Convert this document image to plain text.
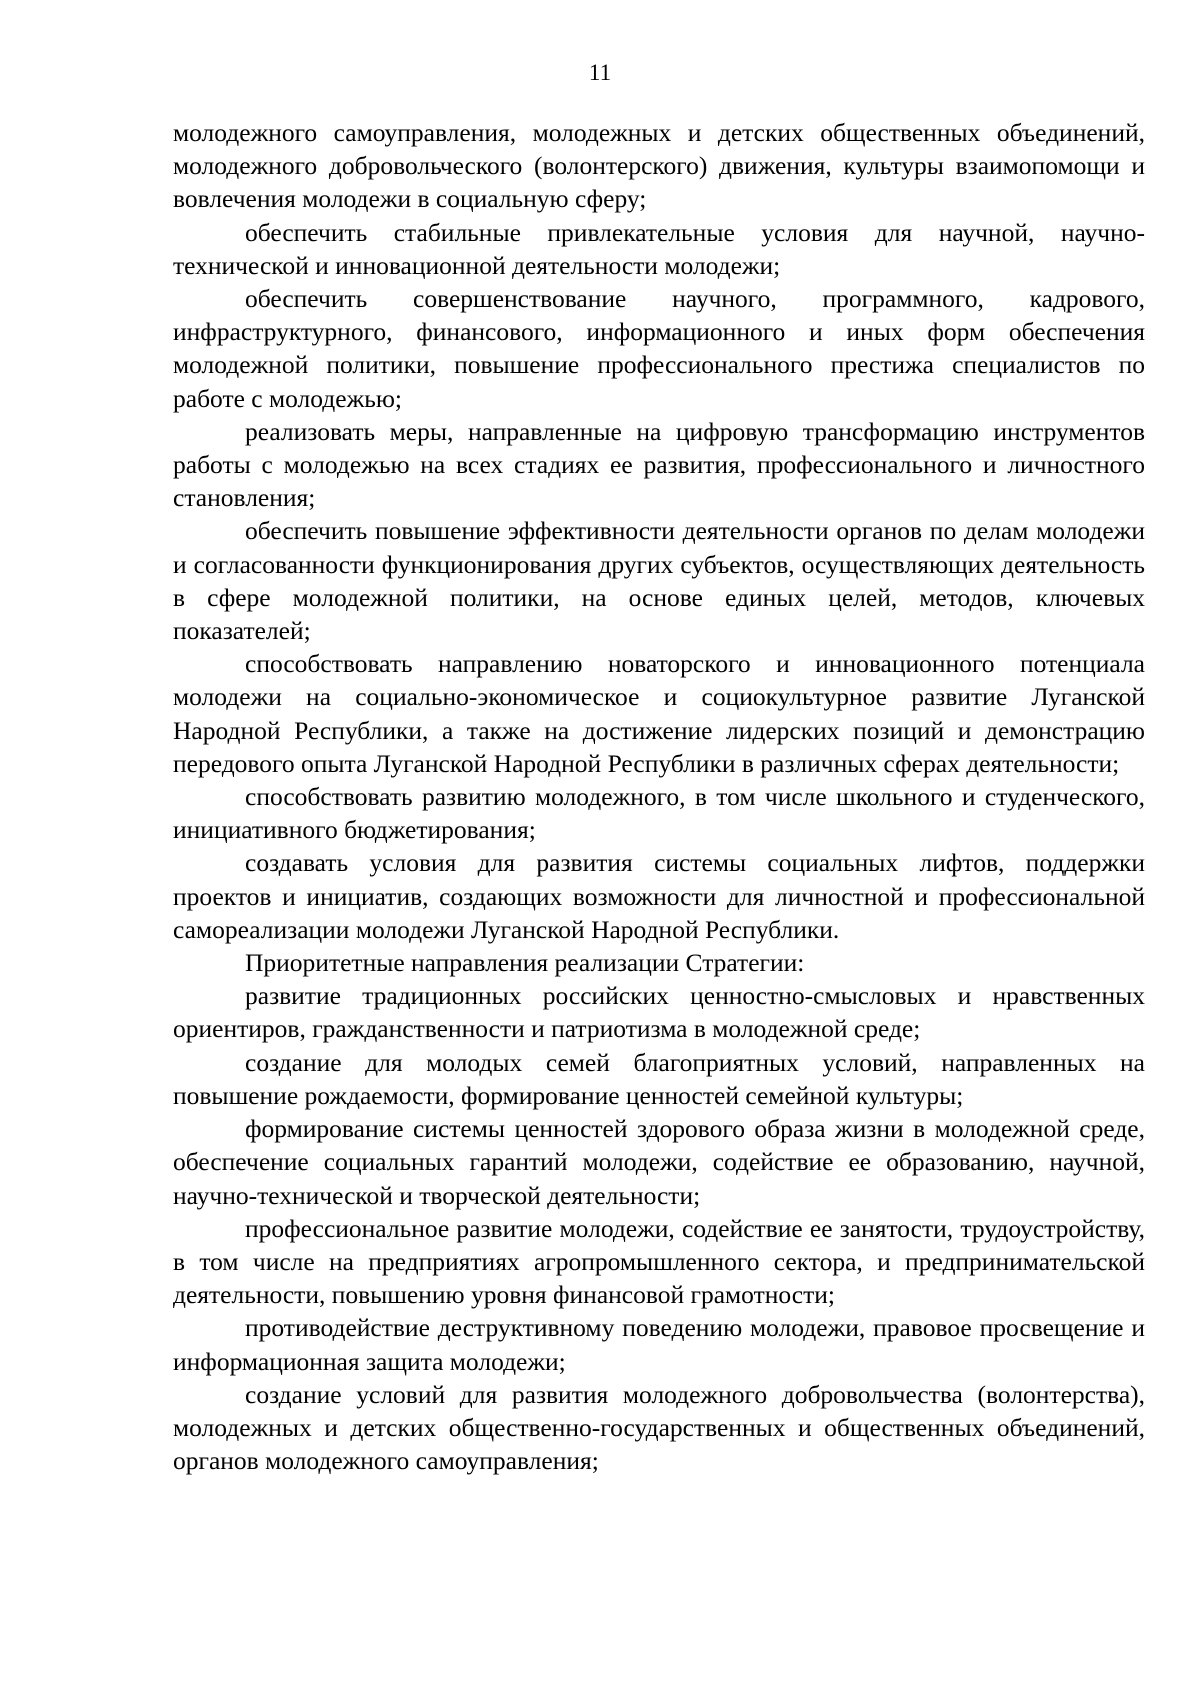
11

молодежного самоуправления, молодежных и детских общественных объединений, молодежного добровольческого (волонтерского) движения, культуры взаимопомощи и вовлечения молодежи в социальную сферу;

обеспечить стабильные привлекательные условия для научной, научно-технической и инновационной деятельности молодежи;

обеспечить совершенствование научного, программного, кадрового, инфраструктурного, финансового, информационного и иных форм обеспечения молодежной политики, повышение профессионального престижа специалистов по работе с молодежью;

реализовать меры, направленные на цифровую трансформацию инструментов работы с молодежью на всех стадиях ее развития, профессионального и личностного становления;

обеспечить повышение эффективности деятельности органов по делам молодежи и согласованности функционирования других субъектов, осуществляющих деятельность в сфере молодежной политики, на основе единых целей, методов, ключевых показателей;

способствовать направлению новаторского и инновационного потенциала молодежи на социально-экономическое и социокультурное развитие Луганской Народной Республики, а также на достижение лидерских позиций и демонстрацию передового опыта Луганской Народной Республики в различных сферах деятельности;

способствовать развитию молодежного, в том числе школьного и студенческого, инициативного бюджетирования;

создавать условия для развития системы социальных лифтов, поддержки проектов и инициатив, создающих возможности для личностной и профессиональной самореализации молодежи Луганской Народной Республики.

Приоритетные направления реализации Стратегии:

развитие традиционных российских ценностно-смысловых и нравственных ориентиров, гражданственности и патриотизма в молодежной среде;

создание для молодых семей благоприятных условий, направленных на повышение рождаемости, формирование ценностей семейной культуры;

формирование системы ценностей здорового образа жизни в молодежной среде, обеспечение социальных гарантий молодежи, содействие ее образованию, научной, научно-технической и творческой деятельности;

профессиональное развитие молодежи, содействие ее занятости, трудоустройству, в том числе на предприятиях агропромышленного сектора, и предпринимательской деятельности, повышению уровня финансовой грамотности;

противодействие деструктивному поведению молодежи, правовое просвещение и информационная защита молодежи;

создание условий для развития молодежного добровольчества (волонтерства), молодежных и детских общественно-государственных и общественных объединений, органов молодежного самоуправления;
